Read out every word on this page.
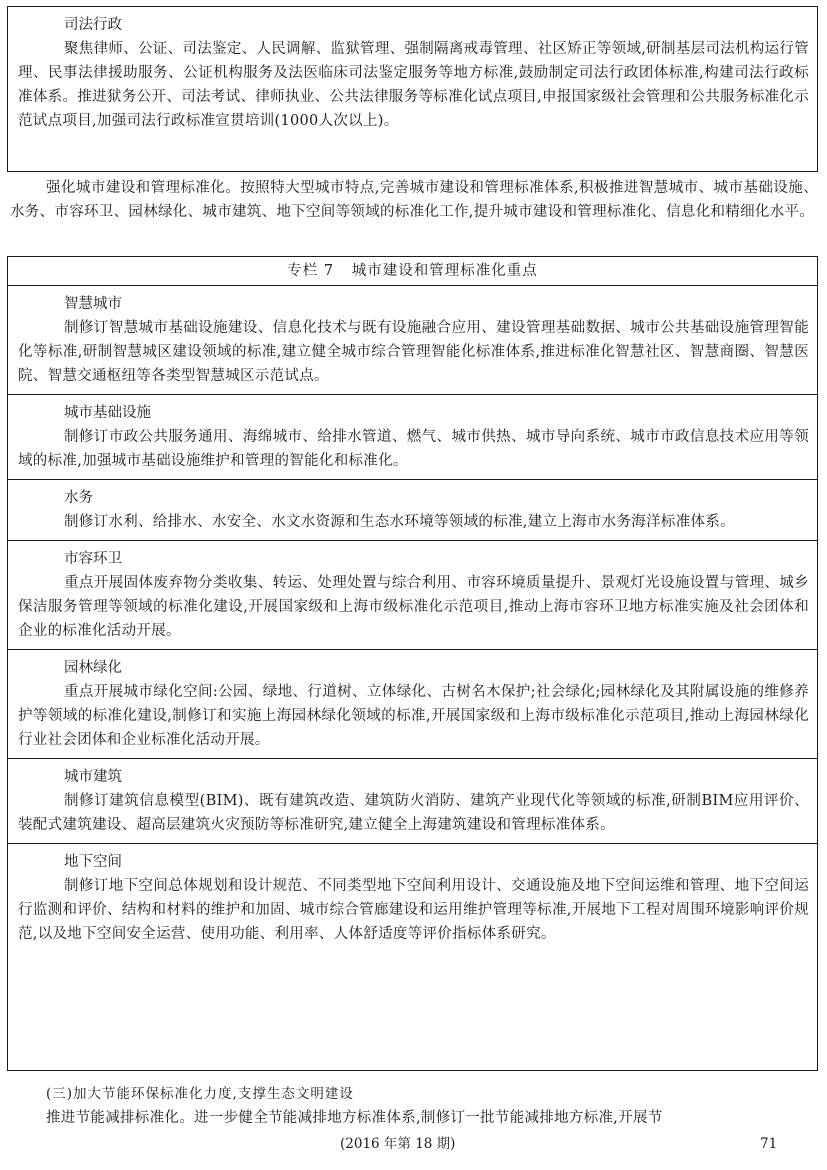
司法行政
聚焦律师、公证、司法鉴定、人民调解、监狱管理、强制隔离戒毒管理、社区矫正等领域,研制基层司法机构运行管理、民事法律援助服务、公证机构服务及法医临床司法鉴定服务等地方标准,鼓励制定司法行政团体标准,构建司法行政标准体系。推进狱务公开、司法考试、律师执业、公共法律服务等标准化试点项目,申报国家级社会管理和公共服务标准化示范试点项目,加强司法行政标准宣贯培训(1000人次以上)。
强化城市建设和管理标准化。按照特大型城市特点,完善城市建设和管理标准体系,积极推进智慧城市、城市基础设施、水务、市容环卫、园林绿化、城市建筑、地下空间等领域的标准化工作,提升城市建设和管理标准化、信息化和精细化水平。
专栏 7 城市建设和管理标准化重点
智慧城市
制修订智慧城市基础设施建设、信息化技术与既有设施融合应用、建设管理基础数据、城市公共基础设施管理智能化等标准,研制智慧城区建设领域的标准,建立健全城市综合管理智能化标准体系,推进标准化智慧社区、智慧商圈、智慧医院、智慧交通枢纽等各类型智慧城区示范试点。
城市基础设施
制修订市政公共服务通用、海绵城市、给排水管道、燃气、城市供热、城市导向系统、城市市政信息技术应用等领域的标准,加强城市基础设施维护和管理的智能化和标准化。
水务
制修订水利、给排水、水安全、水文水资源和生态水环境等领域的标准,建立上海市水务海洋标准体系。
市容环卫
重点开展固体废弃物分类收集、转运、处理处置与综合利用、市容环境质量提升、景观灯光设施设置与管理、城乡保洁服务管理等领域的标准化建设,开展国家级和上海市级标准化示范项目,推动上海市容环卫地方标准实施及社会团体和企业的标准化活动开展。
园林绿化
重点开展城市绿化空间:公园、绿地、行道树、立体绿化、古树名木保护;社会绿化;园林绿化及其附属设施的维修养护等领域的标准化建设,制修订和实施上海园林绿化领域的标准,开展国家级和上海市级标准化示范项目,推动上海园林绿化行业社会团体和企业标准化活动开展。
城市建筑
制修订建筑信息模型(BIM)、既有建筑改造、建筑防火消防、建筑产业现代化等领域的标准,研制BIM应用评价、装配式建筑建设、超高层建筑火灾预防等标准研究,建立健全上海建筑建设和管理标准体系。
地下空间
制修订地下空间总体规划和设计规范、不同类型地下空间利用设计、交通设施及地下空间运维和管理、地下空间运行监测和评价、结构和材料的维护和加固、城市综合管廊建设和运用维护管理等标准,开展地下工程对周围环境影响评价规范,以及地下空间安全运营、使用功能、利用率、人体舒适度等评价指标体系研究。
(三)加大节能环保标准化力度,支撑生态文明建设
推进节能减排标准化。进一步健全节能减排地方标准体系,制修订一批节能减排地方标准,开展节
(2016 年第 18 期)	71
